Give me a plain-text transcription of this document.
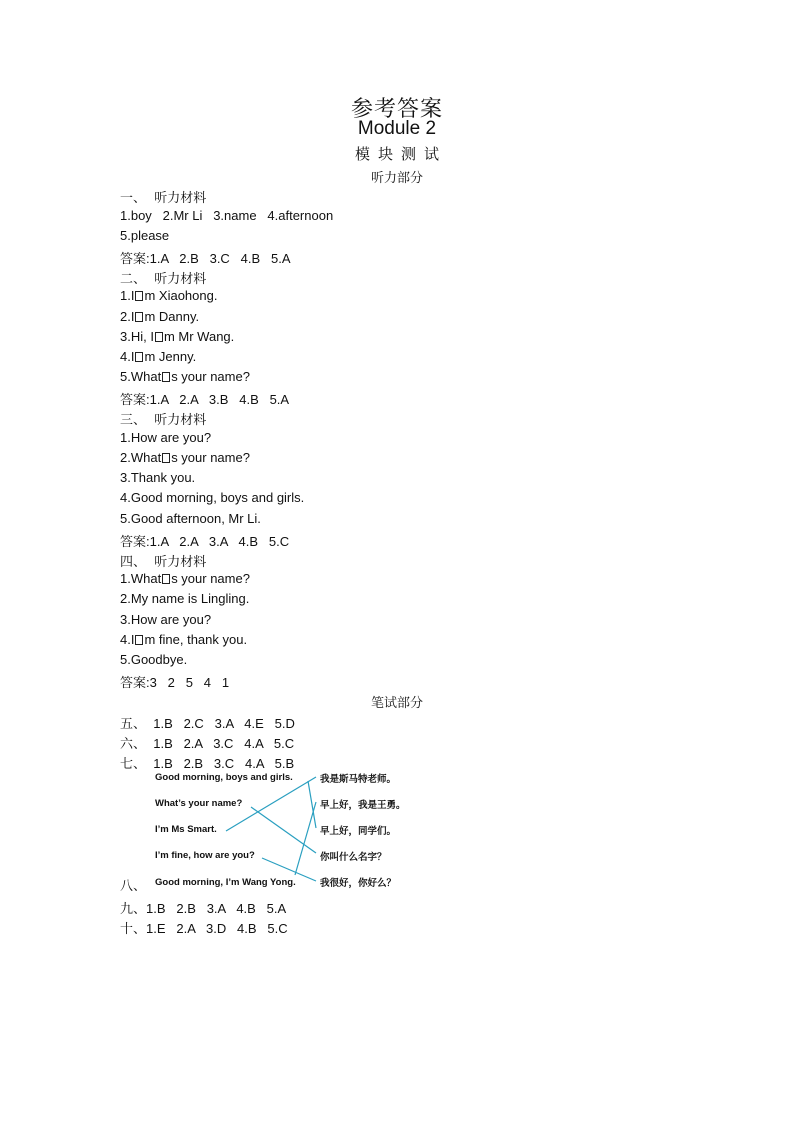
参考答案
Module 2
模块测试
听力部分
一、  听力材料
1.boy   2.Mr Li   3.name   4.afternoon
5.please
答案:1.A   2.B   3.C   4.B   5.A
二、  听力材料
1.I m Xiaohong.
2.I m Danny.
3.Hi, I m Mr Wang.
4.I m Jenny.
5.What s your name?
答案:1.A   2.A   3.B   4.B   5.A
三、  听力材料
1.How are you?
2.What s your name?
3.Thank you.
4.Good morning, boys and girls.
5.Good afternoon, Mr Li.
答案:1.A   2.A   3.A   4.B   5.C
四、  听力材料
1.What s your name?
2.My name is Lingling.
3.How are you?
4.I m fine, thank you.
5.Goodbye.
答案:3   2   5   4   1
笔试部分
五、  1.B   2.C   3.A   4.E   5.D
六、  1.B   2.A   3.C   4.A   5.C
七、  1.B   2.B   3.C   4.A   5.B
Good morning, boys and girls.
What’s your name?
I’m Ms Smart.
I’m fine, how are you?
八、 Good morning, I’m Wang Yong.
我是斯马特老师。
早上好，我是王勇。
早上好，同学们。
你叫什么名字？
我很好，你好么？
九、1.B   2.B   3.A   4.B   5.A
十、1.E   2.A   3.D   4.B   5.C
